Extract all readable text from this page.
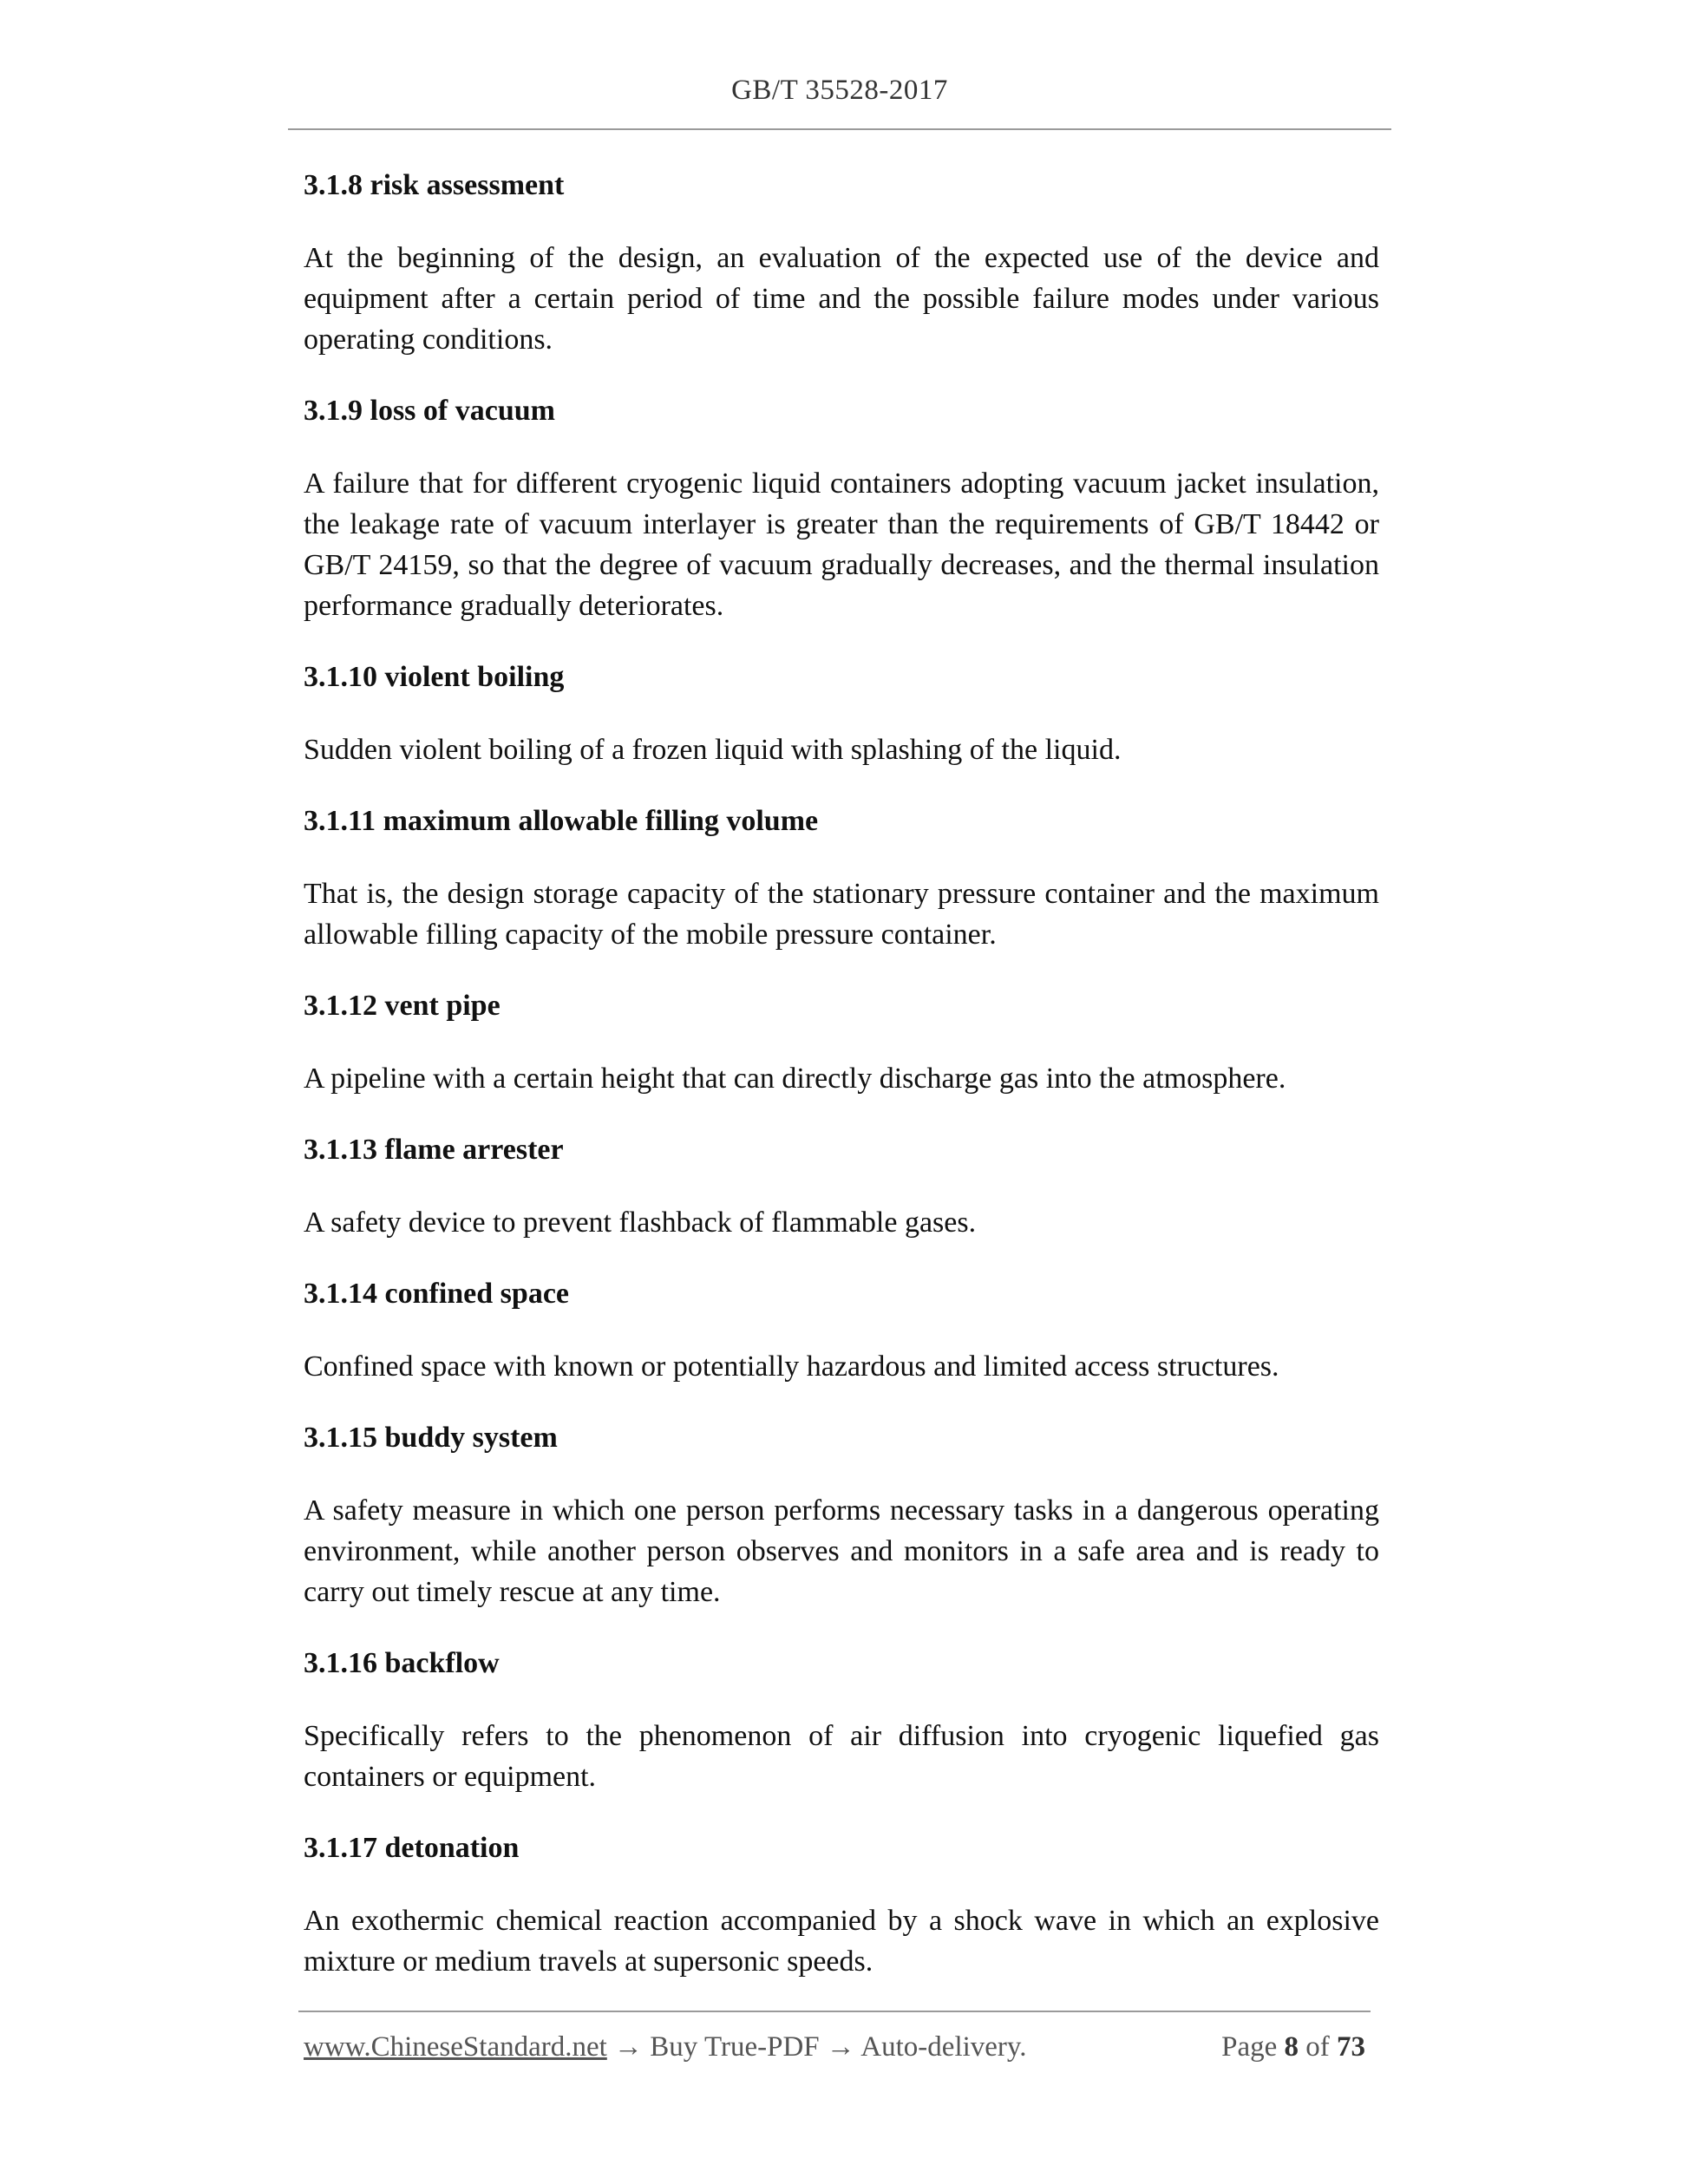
GB/T 35528-2017
3.1.8 risk assessment
At the beginning of the design, an evaluation of the expected use of the device and equipment after a certain period of time and the possible failure modes under various operating conditions.
3.1.9 loss of vacuum
A failure that for different cryogenic liquid containers adopting vacuum jacket insulation, the leakage rate of vacuum interlayer is greater than the requirements of GB/T 18442 or GB/T 24159, so that the degree of vacuum gradually decreases, and the thermal insulation performance gradually deteriorates.
3.1.10 violent boiling
Sudden violent boiling of a frozen liquid with splashing of the liquid.
3.1.11 maximum allowable filling volume
That is, the design storage capacity of the stationary pressure container and the maximum allowable filling capacity of the mobile pressure container.
3.1.12 vent pipe
A pipeline with a certain height that can directly discharge gas into the atmosphere.
3.1.13 flame arrester
A safety device to prevent flashback of flammable gases.
3.1.14 confined space
Confined space with known or potentially hazardous and limited access structures.
3.1.15 buddy system
A safety measure in which one person performs necessary tasks in a dangerous operating environment, while another person observes and monitors in a safe area and is ready to carry out timely rescue at any time.
3.1.16 backflow
Specifically refers to the phenomenon of air diffusion into cryogenic liquefied gas containers or equipment.
3.1.17 detonation
An exothermic chemical reaction accompanied by a shock wave in which an explosive mixture or medium travels at supersonic speeds.
www.ChineseStandard.net → Buy True-PDF → Auto-delivery.	Page 8 of 73
